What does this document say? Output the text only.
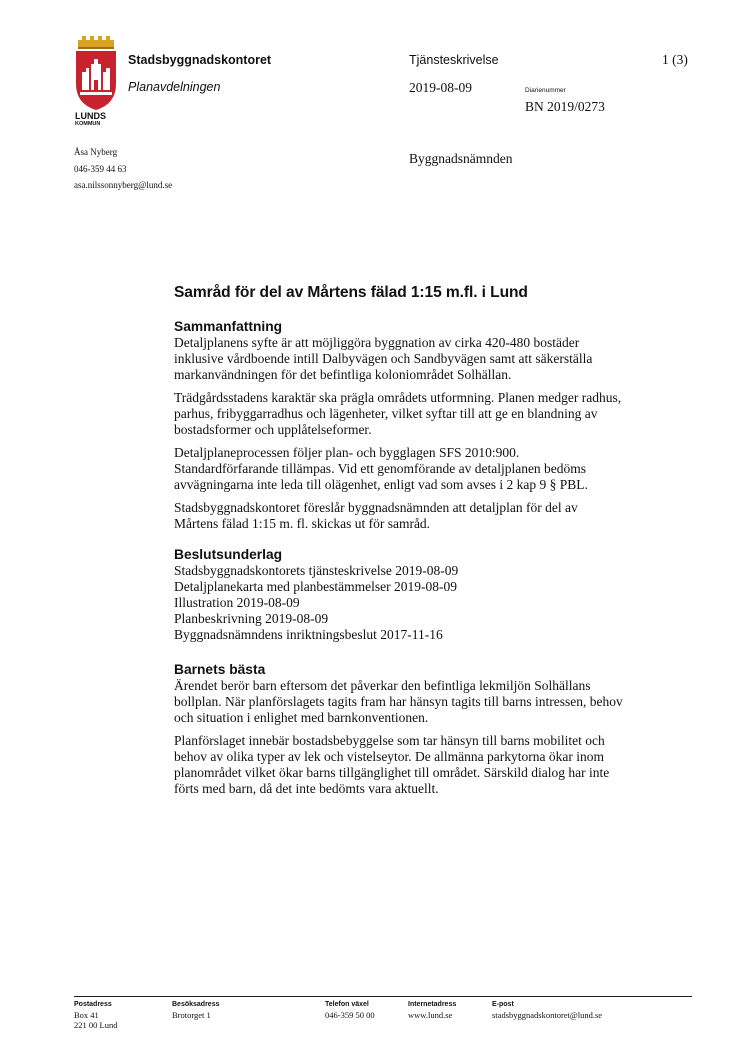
LUNDS
KOMMUN
Stadsbyggnadskontoret
Planavdelningen
Tjänsteskrivelse	1 (3)
2019-08-09	Diarienummer
BN 2019/0273
Åsa Nyberg
046-359 44 63
asa.nilssonnyberg@lund.se
Byggnadsnämnden
Samråd för del av Mårtens fälad 1:15 m.fl. i Lund
Sammanfattning

Detaljplanens syfte är att möjliggöra byggnation av cirka 420-480 bostäder inklusive vårdboende intill Dalbyvägen och Sandbyvägen samt att säkerställa markanvändningen för det befintliga koloniområdet Solhällan.

Trädgårdsstadens karaktär ska prägla områdets utformning. Planen medger radhus, parhus, fribyggarradhus och lägenheter, vilket syftar till att ge en blandning av bostadsformer och upplåtelseformer.

Detaljplaneprocessen följer plan- och bygglagen SFS 2010:900. Standardförfarande tillämpas. Vid ett genomförande av detaljplanen bedöms avvägningarna inte leda till olägenhet, enligt vad som avses i 2 kap 9 § PBL.

Stadsbyggnadskontoret föreslår byggnadsnämnden att detaljplan för del av Mårtens fälad 1:15 m. fl. skickas ut för samråd.

Beslutsunderlag

Stadsbyggnadskontorets tjänsteskrivelse 2019-08-09

Detaljplanekarta med planbestämmelser 2019-08-09

Illustration 2019-08-09

Planbeskrivning 2019-08-09

Byggnadsnämndens inriktningsbeslut 2017-11-16

Barnets bästa

Ärendet berör barn eftersom det påverkar den befintliga lekmiljön Solhällans bollplan. När planförslagets tagits fram har hänsyn tagits till barns intressen, behov och situation i enlighet med barnkonventionen.

Planförslaget innebär bostadsbebyggelse som tar hänsyn till barns mobilitet och behov av olika typer av lek och vistelseytor. De allmänna parkytorna ökar inom planområdet vilket ökar barns tillgänglighet till området. Särskild dialog har inte förts med barn, då det inte bedömts vara aktuellt.

Postadress
Box 41
221 00 Lund
Besöksadress
Brotorget 1
Telefon växel
046-359 50 00
Internetadress
www.lund.se
E-post
stadsbyggnadskontoret@lund.se
